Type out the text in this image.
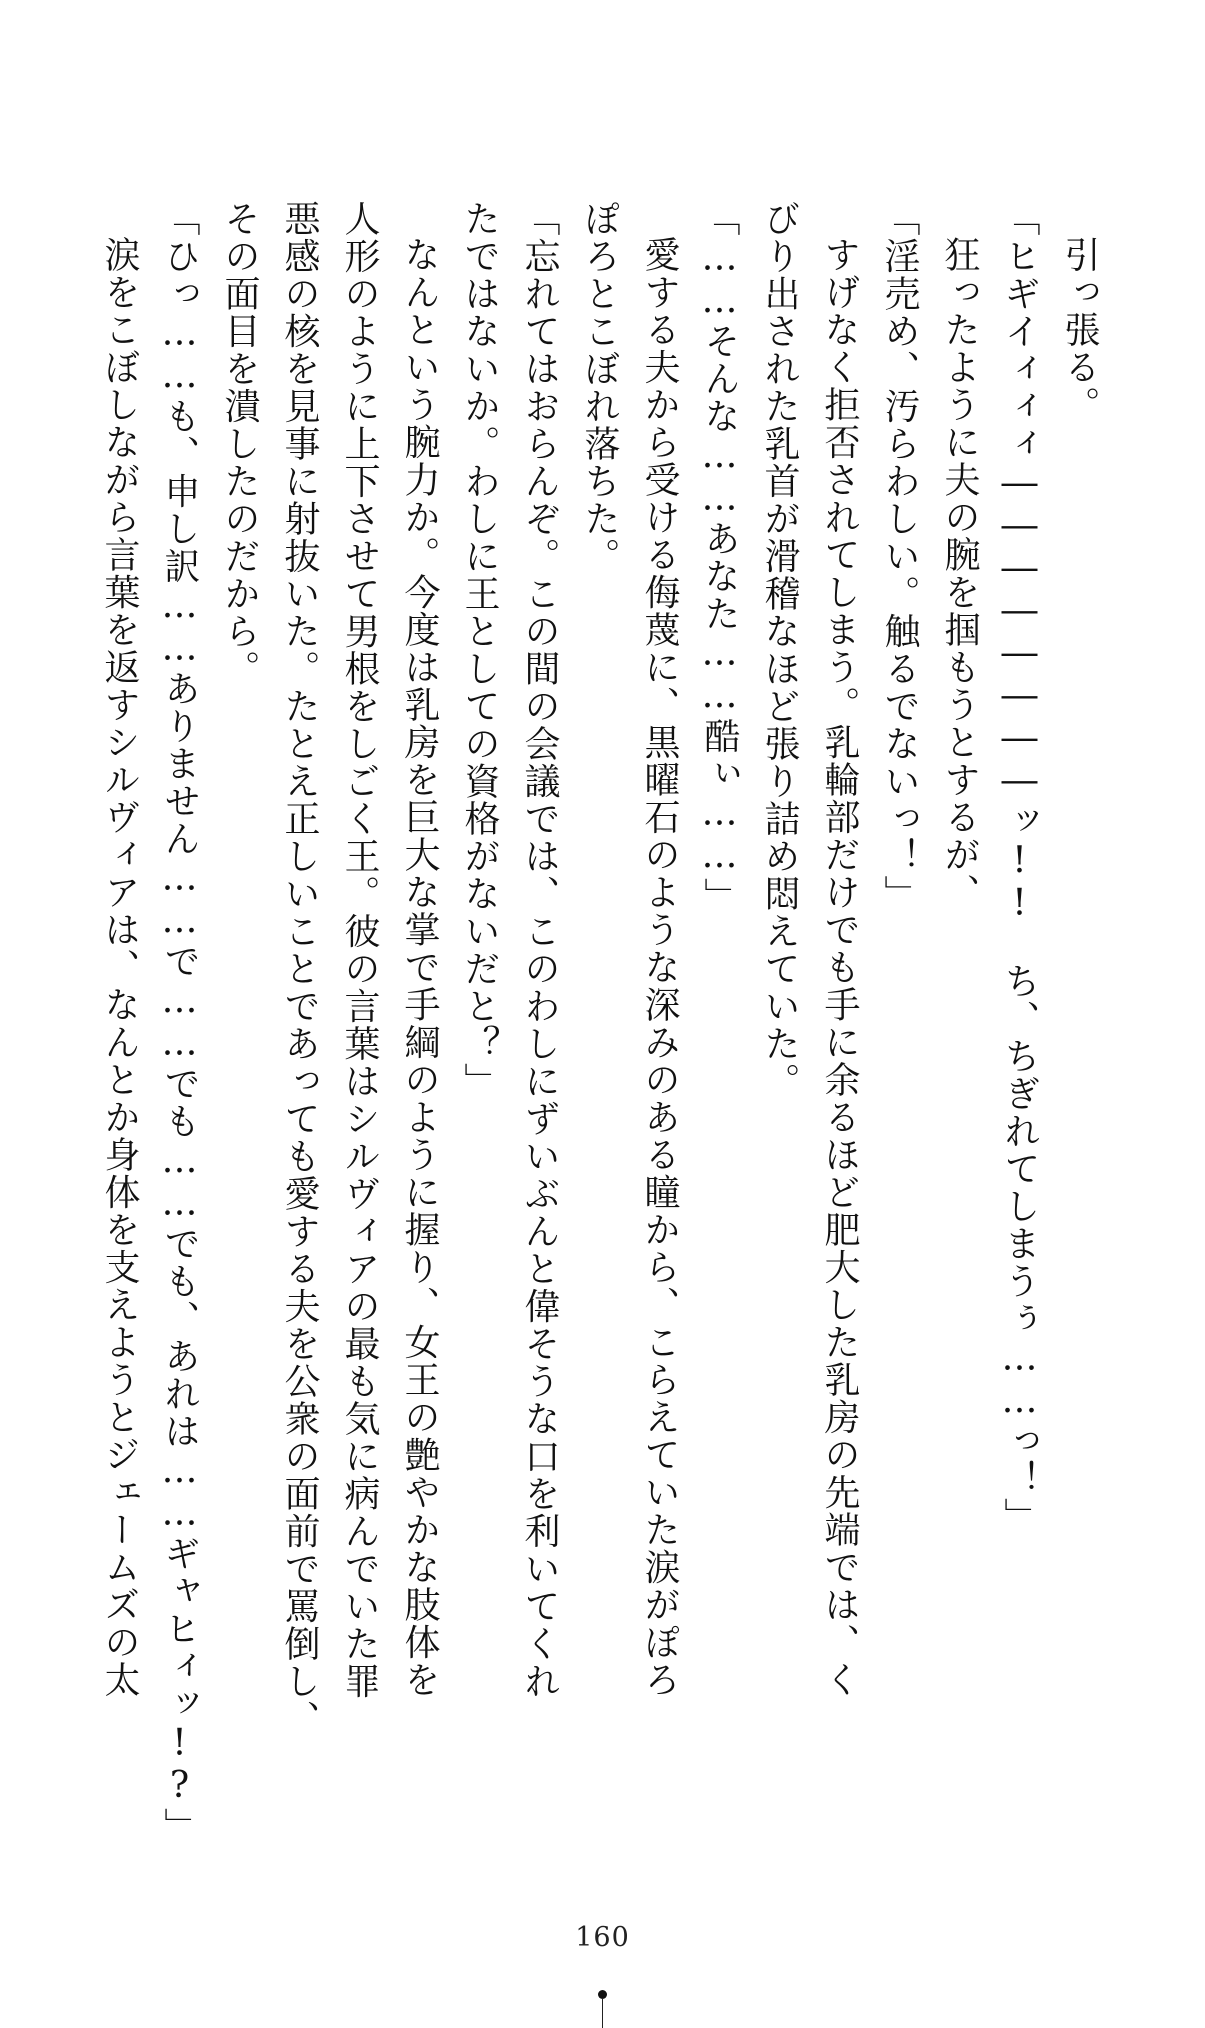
引っ張る。

「ヒギイィィィ――――――――ッ!!　ち、ちぎれてしまうぅ……っ！」

狂ったように夫の腕を掴もうとするが、

「淫売め、汚らわしい。触るでないっ！」

すげなく拒否されてしまう。乳輪部だけでも手に余るほど肥大した乳房の先端では、く

びり出された乳首が滑稽なほど張り詰め悶えていた。

「……そんな……あなた……酷ぃ……」

愛する夫から受ける侮蔑に、黒曜石のような深みのある瞳から、こらえていた涙がぽろ

ぽろとこぼれ落ちた。

「忘れてはおらんぞ。この間の会議では、このわしにずいぶんと偉そうな口を利いてくれ

たではないか。わしに王としての資格がないだと？」

なんという腕力か。今度は乳房を巨大な掌で手綱のように握り、女王の艶やかな肢体を

人形のように上下させて男根をしごく王。彼の言葉はシルヴィアの最も気に病んでいた罪

悪感の核を見事に射抜いた。たとえ正しいことであっても愛する夫を公衆の面前で罵倒し、

その面目を潰したのだから。

「ひっ……も、申し訳……ありません……で……でも……でも、あれは……ギャヒィッ!?」

涙をこぼしながら言葉を返すシルヴィアは、なんとか身体を支えようとジェームズの太

160
